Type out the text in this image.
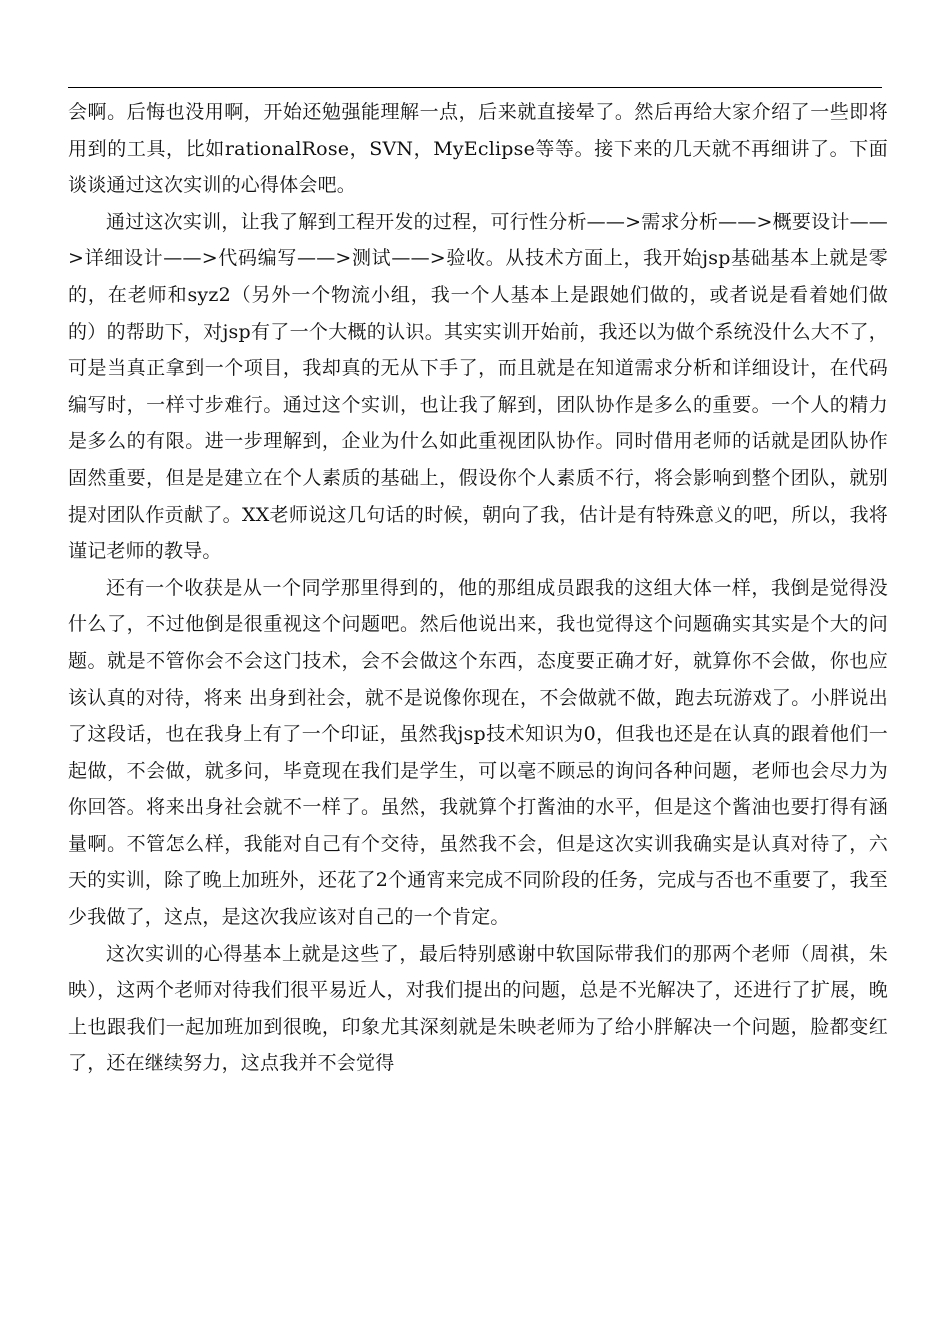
会啊。后悔也没用啊，开始还勉强能理解一点，后来就直接晕了。然后再给大家介绍了一些即将用到的工具，比如rationalRose，SVN，MyEclipse等等。接下来的几天就不再细讲了。下面谈谈通过这次实训的心得体会吧。

通过这次实训，让我了解到工程开发的过程，可行性分析——>需求分析——>概要设计——>详细设计——>代码编写——>测试——>验收。从技术方面上，我开始jsp基础基本上就是零的，在老师和syz2（另外一个物流小组，我一个人基本上是跟她们做的，或者说是看着她们做的）的帮助下，对jsp有了一个大概的认识。其实实训开始前，我还以为做个系统没什么大不了，可是当真正拿到一个项目，我却真的无从下手了，而且就是在知道需求分析和详细设计，在代码编写时，一样寸步难行。通过这个实训，也让我了解到，团队协作是多么的重要。一个人的精力是多么的有限。进一步理解到，企业为什么如此重视团队协作。同时借用老师的话就是团队协作固然重要，但是是建立在个人素质的基础上，假设你个人素质不行，将会影响到整个团队，就别提对团队作贡献了。XX老师说这几句话的时候，朝向了我，估计是有特殊意义的吧，所以，我将谨记老师的教导。

还有一个收获是从一个同学那里得到的，他的那组成员跟我的这组大体一样，我倒是觉得没什么了，不过他倒是很重视这个问题吧。然后他说出来，我也觉得这个问题确实其实是个大的问题。就是不管你会不会这门技术，会不会做这个东西，态度要正确才好，就算你不会做，你也应该认真的对待，将来 出身到社会，就不是说像你现在，不会做就不做，跑去玩游戏了。小胖说出了这段话，也在我身上有了一个印证，虽然我jsp技术知识为0，但我也还是在认真的跟着他们一起做，不会做，就多问，毕竟现在我们是学生，可以毫不顾忌的询问各种问题，老师也会尽力为你回答。将来出身社会就不一样了。虽然，我就算个打酱油的水平，但是这个酱油也要打得有涵量啊。不管怎么样，我能对自己有个交待，虽然我不会，但是这次实训我确实是认真对待了，六天的实训，除了晚上加班外，还花了2个通宵来完成不同阶段的任务，完成与否也不重要了，我至少我做了，这点，是这次我应该对自己的一个肯定。

这次实训的心得基本上就是这些了，最后特别感谢中软国际带我们的那两个老师（周祺，朱映），这两个老师对待我们很平易近人，对我们提出的问题，总是不光解决了，还进行了扩展，晚上也跟我们一起加班加到很晚，印象尤其深刻就是朱映老师为了给小胖解决一个问题，脸都变红了，还在继续努力，这点我并不会觉得
